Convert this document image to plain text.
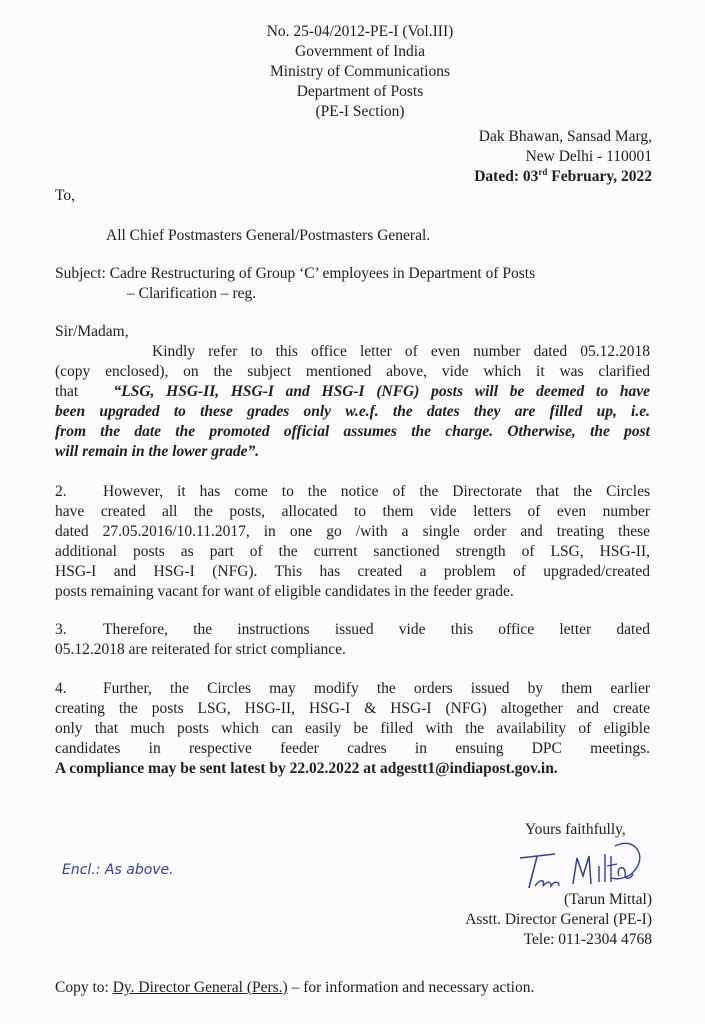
No. 25-04/2012-PE-I (Vol.III)
Government of India
Ministry of Communications
Department of Posts
(PE-I Section)
Dak Bhawan, Sansad Marg,
New Delhi - 110001
Dated: 03rd February, 2022
To,
All Chief Postmasters General/Postmasters General.
Subject: Cadre Restructuring of Group ‘C’ employees in Department of Posts
– Clarification – reg.
Sir/Madam,
Kindly refer to this office letter of even number dated 05.12.2018
(copy enclosed), on the subject mentioned above, vide which it was clarified
that “LSG, HSG-II, HSG-I and HSG-I (NFG) posts will be deemed to have
been upgraded to these grades only w.e.f. the dates they are filled up, i.e.
from the date the promoted official assumes the charge. Otherwise, the post
will remain in the lower grade”.
2. However, it has come to the notice of the Directorate that the Circles
have created all the posts, allocated to them vide letters of even number
dated 27.05.2016/10.11.2017, in one go /with a single order and treating these
additional posts as part of the current sanctioned strength of LSG, HSG-II,
HSG-I and HSG-I (NFG). This has created a problem of upgraded/created
posts remaining vacant for want of eligible candidates in the feeder grade.
3. Therefore, the instructions issued vide this office letter dated
05.12.2018 are reiterated for strict compliance.
4. Further, the Circles may modify the orders issued by them earlier
creating the posts LSG, HSG-II, HSG-I & HSG-I (NFG) altogether and create
only that much posts which can easily be filled with the availability of eligible
candidates in respective feeder cadres in ensuing DPC meetings.
A compliance may be sent latest by 22.02.2022 at adgestt1@indiapost.gov.in.
Yours faithfully,
Encl.: As above.
(Tarun Mittal)
Asstt. Director General (PE-I)
Tele: 011-2304 4768
Copy to: Dy. Director General (Pers.) – for information and necessary action.
